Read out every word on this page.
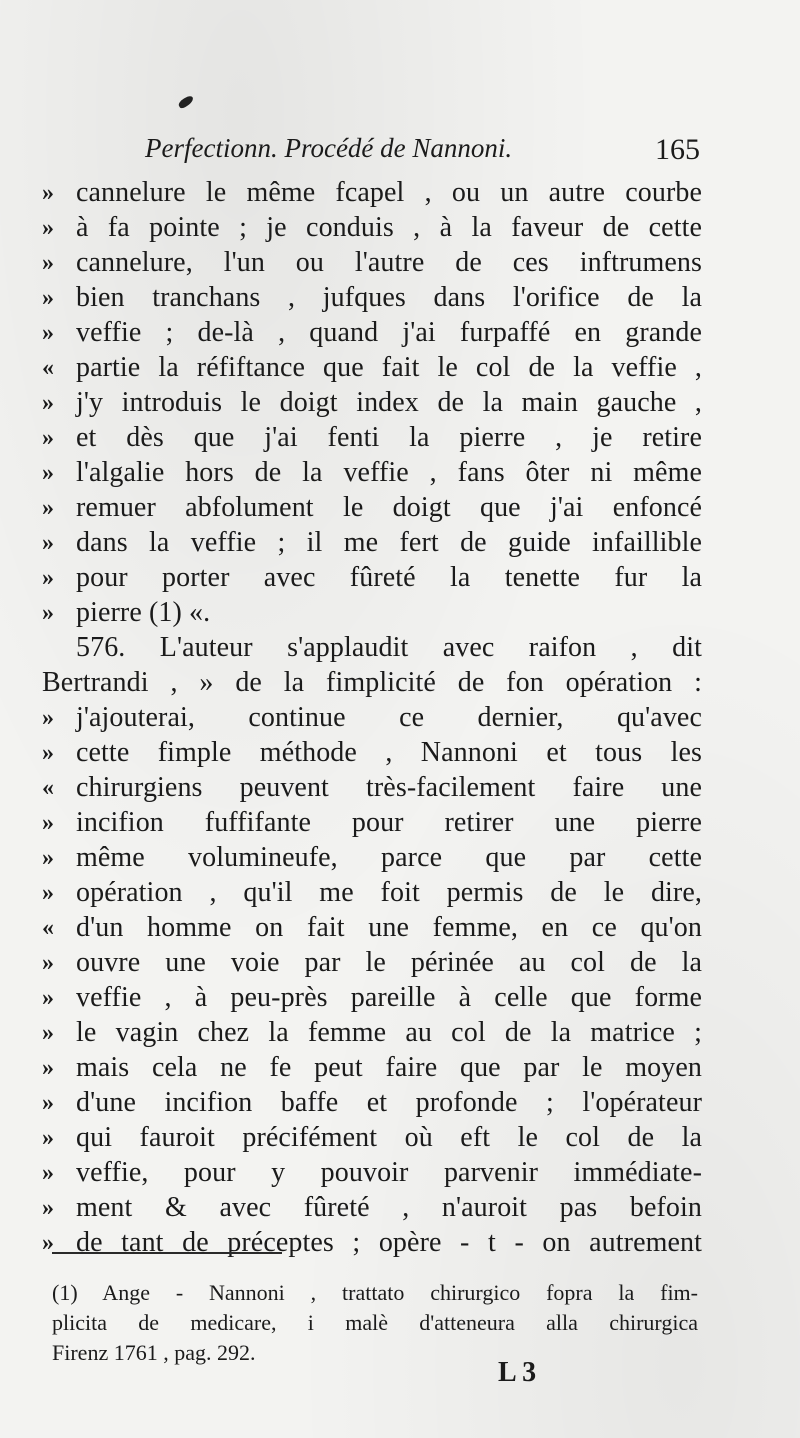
Perfectionn. Procédé de Nannoni.	165
» cannelure le même fcapel , ou un autre courbe
» à fa pointe ; je conduis , à la faveur de cette
» cannelure, l'un ou l'autre de ces inftrumens
» bien tranchans , jufques dans l'orifice de la
» veffie ; de-là , quand j'ai furpaffé en grande
« partie la réfiftance que fait le col de la veffie ,
» j'y introduis le doigt index de la main gauche ,
» et dès que j'ai fenti la pierre , je retire
» l'algalie hors de la veffie , fans ôter ni même
» remuer abfolument le doigt que j'ai enfoncé
» dans la veffie ; il me fert de guide infaillible
» pour porter avec fûreté la tenette fur la
» pierre (1) «.
576. L'auteur s'applaudit avec raifon , dit
Bertrandi , » de la fimplicité de fon opération :
» j'ajouterai, continue ce dernier, qu'avec
» cette fimple méthode , Nannoni et tous les
« chirurgiens peuvent très-facilement faire une
» incifion fuffifante pour retirer une pierre
» même volumineufe, parce que par cette
» opération , qu'il me foit permis de le dire,
« d'un homme on fait une femme, en ce qu'on
» ouvre une voie par le périnée au col de la
» veffie , à peu-près pareille à celle que forme
» le vagin chez la femme au col de la matrice ;
» mais cela ne fe peut faire que par le moyen
» d'une incifion baffe et profonde ; l'opérateur
» qui fauroit précifément où eft le col de la
» veffie, pour y pouvoir parvenir immédiate-
» ment & avec fûreté , n'auroit pas befoin
» de tant de préceptes ; opère - t - on autrement
(1) Ange - Nannoni , trattato chirurgico fopra la fim-
plicita de medicare, i malè d'atteneura alla chirurgica
Firenz 1761 , pag. 292.
L 3
